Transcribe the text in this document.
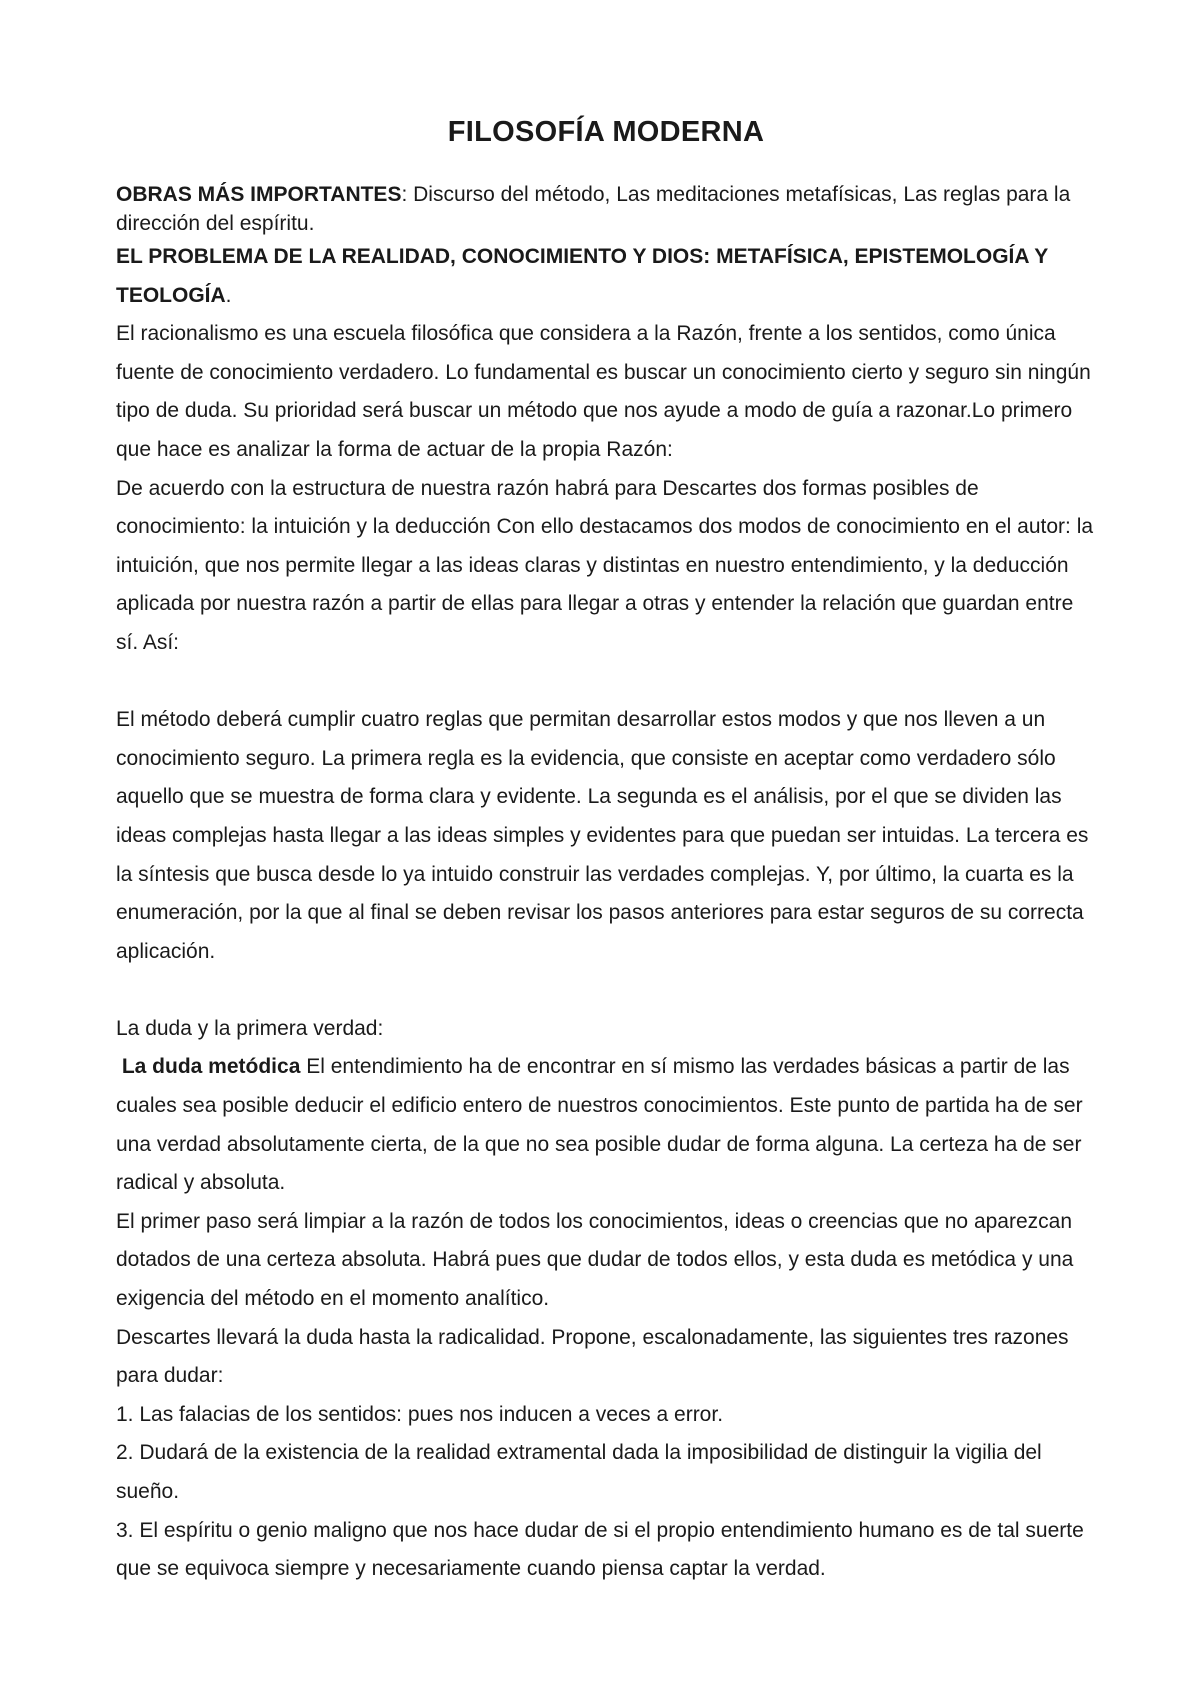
FILOSOFÍA MODERNA

OBRAS MÁS IMPORTANTES: Discurso del método, Las meditaciones metafísicas, Las reglas para la dirección del espíritu.

EL PROBLEMA DE LA REALIDAD, CONOCIMIENTO Y DIOS: METAFÍSICA, EPISTEMOLOGÍA Y TEOLOGÍA.

El racionalismo es una escuela filosófica que considera a la Razón, frente a los sentidos, como única fuente de conocimiento verdadero. Lo fundamental es buscar un conocimiento cierto y seguro sin ningún tipo de duda. Su prioridad será buscar un método que nos ayude a modo de guía a razonar.Lo primero que hace es analizar la forma de actuar de la propia Razón:

De acuerdo con la estructura de nuestra razón habrá para Descartes dos formas posibles de conocimiento: la intuición y la deducción Con ello destacamos dos modos de conocimiento en el autor: la intuición, que nos permite llegar a las ideas claras y distintas en nuestro entendimiento, y la deducción aplicada por nuestra razón a partir de ellas para llegar a otras y entender la relación que guardan entre sí. Así:

El método deberá cumplir cuatro reglas que permitan desarrollar estos modos y que nos lleven a un conocimiento seguro. La primera regla es la evidencia, que consiste en aceptar como verdadero sólo aquello que se muestra de forma clara y evidente. La segunda es el análisis, por el que se dividen las ideas complejas hasta llegar a las ideas simples y evidentes para que puedan ser intuidas. La tercera es la síntesis que busca desde lo ya intuido construir las verdades complejas. Y, por último, la cuarta es la enumeración, por la que al final se deben revisar los pasos anteriores para estar seguros de su correcta aplicación.

La duda y la primera verdad:

La duda metódica El entendimiento ha de encontrar en sí mismo las verdades básicas a partir de las cuales sea posible deducir el edificio entero de nuestros conocimientos. Este punto de partida ha de ser una verdad absolutamente cierta, de la que no sea posible dudar de forma alguna. La certeza ha de ser radical y absoluta.

El primer paso será limpiar a la razón de todos los conocimientos, ideas o creencias que no aparezcan dotados de una certeza absoluta. Habrá pues que dudar de todos ellos, y esta duda es metódica y una exigencia del método en el momento analítico.

Descartes llevará la duda hasta la radicalidad. Propone, escalonadamente, las siguientes tres razones para dudar:

1. Las falacias de los sentidos: pues nos inducen a veces a error.

2. Dudará de la existencia de la realidad extramental dada la imposibilidad de distinguir la vigilia del sueño.

3. El espíritu o genio maligno que nos hace dudar de si el propio entendimiento humano es de tal suerte que se equivoca siempre y necesariamente cuando piensa captar la verdad.
